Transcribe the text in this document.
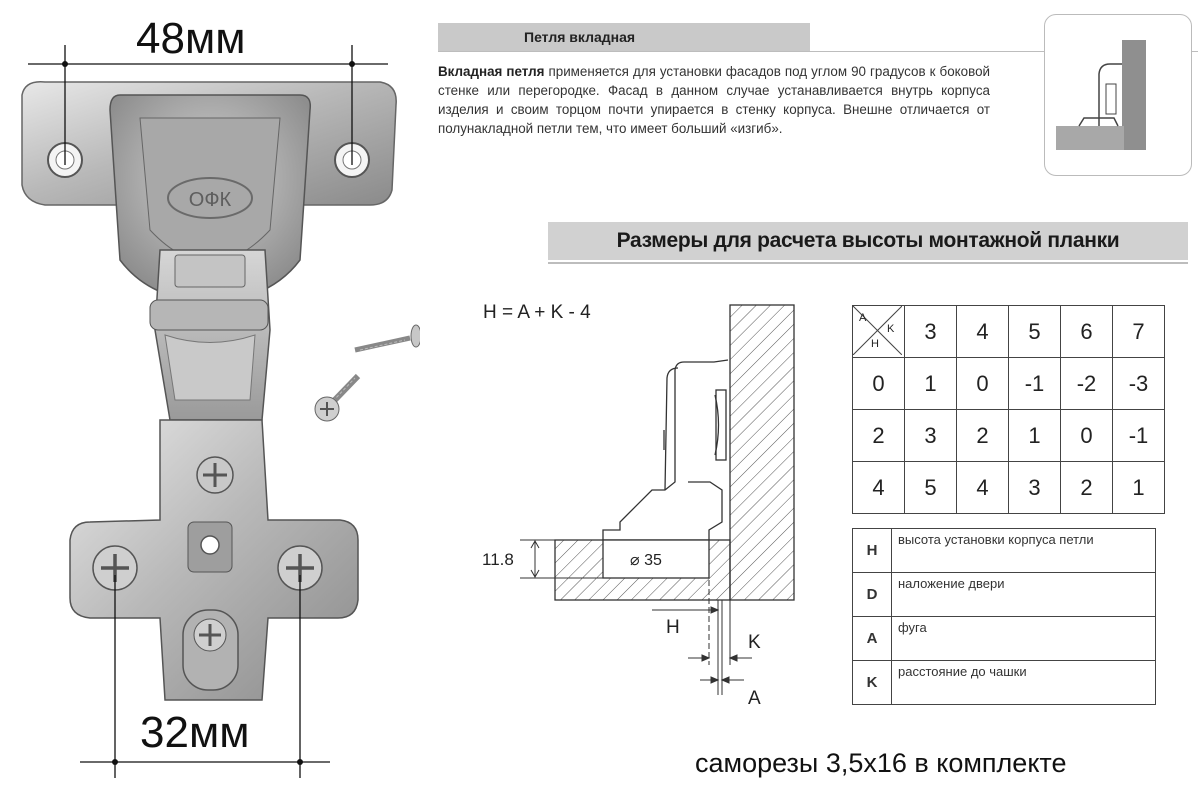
ОФК
48мм
32мм
Петля вкладная
Вкладная петля применяется для установки фасадов под углом 90 градусов к боковой стенке или перегородке. Фасад в данном случае устанавливается внутрь корпуса изделия и своим торцом почти упирается в стенку корпуса. Внешне отличается от полунакладной петли тем, что имеет больший «изгиб».
Размеры для расчета высоты монтажной планки
H = A + K - 4
11.8	⌀ 35
H
K
A
A
K
H	3	4	5	6	7
0	1	0	-1	-2	-3
2	3	2	1	0	-1
4	5	4	3	2	1
H	высота установки корпуса петли
D	наложение двери
A	фуга
K	расстояние до чашки
саморезы 3,5х16 в комплекте
